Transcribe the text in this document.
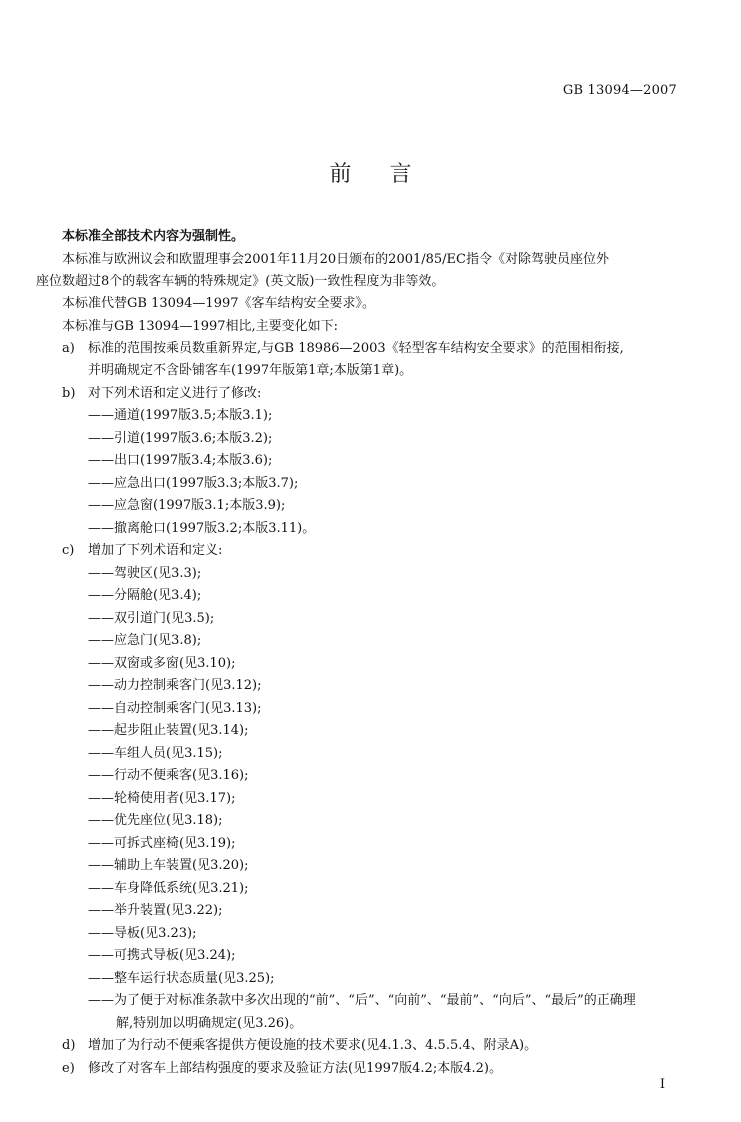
GB 13094—2007
前言
本标准全部技术内容为强制性。
本标准与欧洲议会和欧盟理事会2001年11月20日颁布的2001/85/EC指令《对除驾驶员座位外
座位数超过8个的载客车辆的特殊规定》(英文版)一致性程度为非等效。
本标准代替GB 13094—1997《客车结构安全要求》。
本标准与GB 13094—1997相比,主要变化如下:
a) 标准的范围按乘员数重新界定,与GB 18986—2003《轻型客车结构安全要求》的范围相衔接,
并明确规定不含卧铺客车(1997年版第1章;本版第1章)。
b) 对下列术语和定义进行了修改:
——通道(1997版3.5;本版3.1);
——引道(1997版3.6;本版3.2);
——出口(1997版3.4;本版3.6);
——应急出口(1997版3.3;本版3.7);
——应急窗(1997版3.1;本版3.9);
——撤离舱口(1997版3.2;本版3.11)。
c) 增加了下列术语和定义:
——驾驶区(见3.3);
——分隔舱(见3.4);
——双引道门(见3.5);
——应急门(见3.8);
——双窗或多窗(见3.10);
——动力控制乘客门(见3.12);
——自动控制乘客门(见3.13);
——起步阻止装置(见3.14);
——车组人员(见3.15);
——行动不便乘客(见3.16);
——轮椅使用者(见3.17);
——优先座位(见3.18);
——可拆式座椅(见3.19);
——辅助上车装置(见3.20);
——车身降低系统(见3.21);
——举升装置(见3.22);
——导板(见3.23);
——可携式导板(见3.24);
——整车运行状态质量(见3.25);
——为了便于对标准条款中多次出现的“前”、“后”、“向前”、“最前”、“向后”、“最后”的正确理
解,特别加以明确规定(见3.26)。
d) 增加了为行动不便乘客提供方便设施的技术要求(见4.1.3、4.5.5.4、附录A)。
e) 修改了对客车上部结构强度的要求及验证方法(见1997版4.2;本版4.2)。
I
